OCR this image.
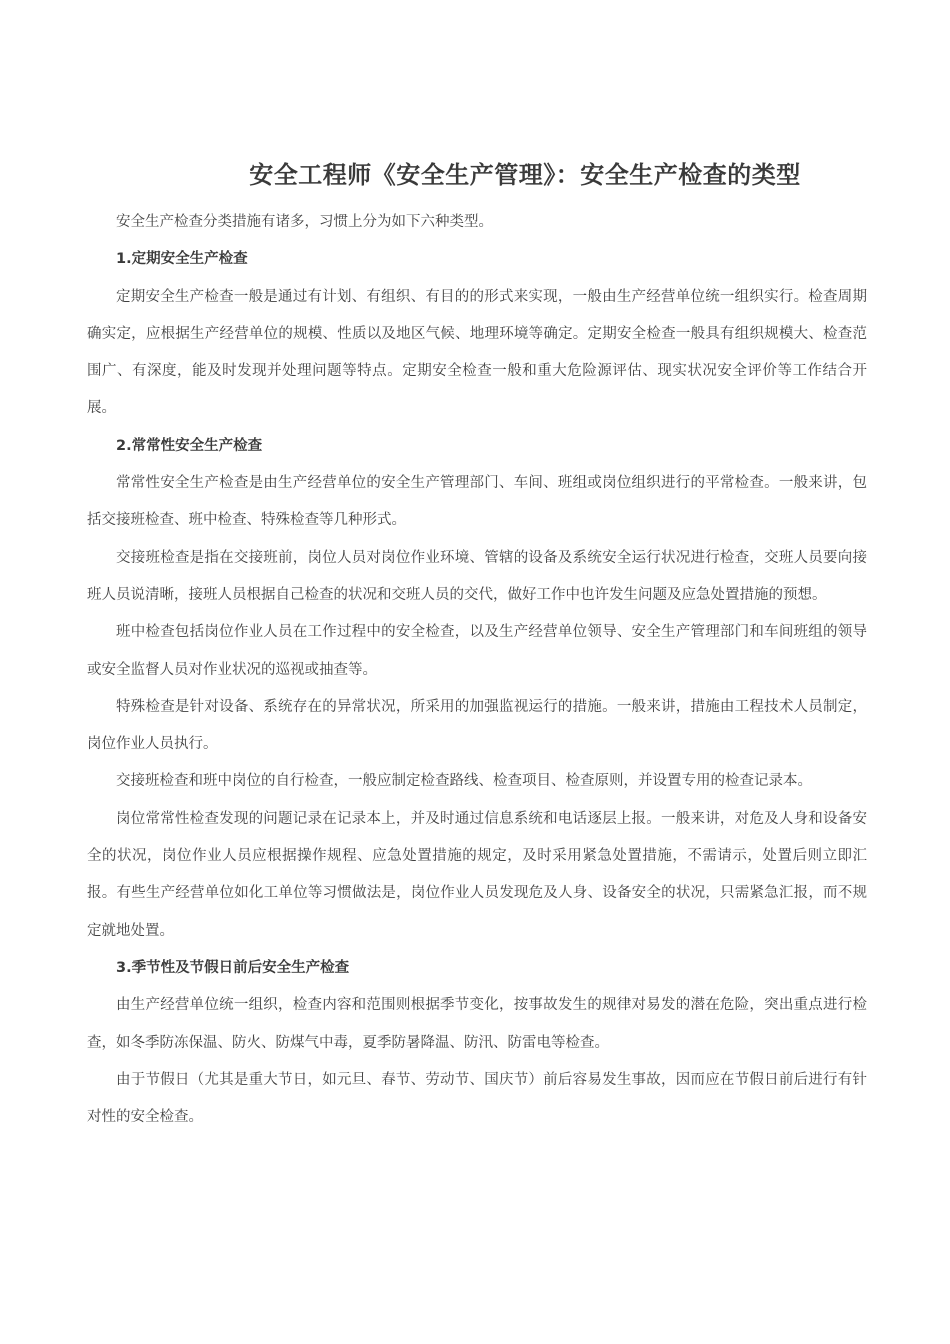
安全工程师《安全生产管理》：安全生产检查的类型

安全生产检查分类措施有诸多，习惯上分为如下六种类型。

1.定期安全生产检查

定期安全生产检查一般是通过有计划、有组织、有目的的形式来实现，一般由生产经营单位统一组织实行。检查周期确实定，应根据生产经营单位的规模、性质以及地区气候、地理环境等确定。定期安全检查一般具有组织规模大、检查范围广、有深度，能及时发现并处理问题等特点。定期安全检查一般和重大危险源评估、现实状况安全评价等工作结合开展。

2.常常性安全生产检查

常常性安全生产检查是由生产经营单位的安全生产管理部门、车间、班组或岗位组织进行的平常检查。一般来讲，包括交接班检查、班中检查、特殊检查等几种形式。

交接班检查是指在交接班前，岗位人员对岗位作业环境、管辖的设备及系统安全运行状况进行检查，交班人员要向接班人员说清晰，接班人员根据自己检查的状况和交班人员的交代，做好工作中也许发生问题及应急处置措施的预想。

班中检查包括岗位作业人员在工作过程中的安全检查，以及生产经营单位领导、安全生产管理部门和车间班组的领导或安全监督人员对作业状况的巡视或抽查等。

特殊检查是针对设备、系统存在的异常状况，所采用的加强监视运行的措施。一般来讲，措施由工程技术人员制定，岗位作业人员执行。

交接班检查和班中岗位的自行检查，一般应制定检查路线、检查项目、检查原则，并设置专用的检查记录本。

岗位常常性检查发现的问题记录在记录本上，并及时通过信息系统和电话逐层上报。一般来讲，对危及人身和设备安全的状况，岗位作业人员应根据操作规程、应急处置措施的规定，及时采用紧急处置措施，不需请示，处置后则立即汇报。有些生产经营单位如化工单位等习惯做法是，岗位作业人员发现危及人身、设备安全的状况，只需紧急汇报，而不规定就地处置。

3.季节性及节假日前后安全生产检查

由生产经营单位统一组织，检查内容和范围则根据季节变化，按事故发生的规律对易发的潜在危险，突出重点进行检查，如冬季防冻保温、防火、防煤气中毒，夏季防暑降温、防汛、防雷电等检查。

由于节假日（尤其是重大节日，如元旦、春节、劳动节、国庆节）前后容易发生事故，因而应在节假日前后进行有针对性的安全检查。
